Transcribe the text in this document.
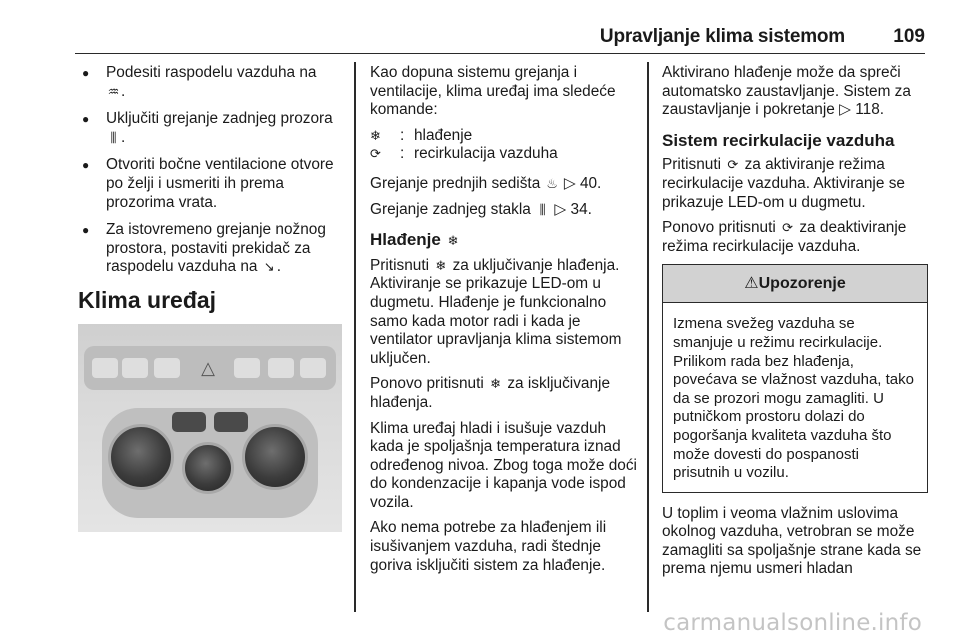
Upravljanje klima sistemom	109
● Podesiti raspodelu vazduha na
♒ .
● Uključiti grejanje zadnjeg prozora
⫼ .
● Otvoriti bočne ventilacione otvore po želji i usmeriti ih prema prozorima vrata.
● Za istovremeno grejanje nožnog prostora, postaviti prekidač za raspodelu vazduha na ↘ .
Klima uređaj
△
Kao dopuna sistemu grejanja i ventilacije, klima uređaj ima sledeće komande:
❄	: hlađenje
⟳	: recirkulacija vazduha
Grejanje prednjih sedišta ♨ ▷ 40.
Grejanje zadnjeg stakla ⫼ ▷ 34.
Hlađenje ❄
Pritisnuti ❄ za uključivanje hlađenja. Aktiviranje se prikazuje LED-om u dugmetu. Hlađenje je funkcionalno samo kada motor radi i kada je ventilator upravljanja klima sistemom uključen.
Ponovo pritisnuti ❄ za isključivanje hlađenja.
Klima uređaj hladi i isušuje vazduh kada je spoljašnja temperatura iznad određenog nivoa. Zbog toga može doći do kondenzacije i kapanja vode ispod vozila.
Ako nema potrebe za hlađenjem ili isušivanjem vazduha, radi štednje goriva isključiti sistem za hlađenje.
Aktivirano hlađenje može da spreči automatsko zaustavljanje. Sistem za zaustavljanje i pokretanje ▷ 118.
Sistem recirkulacije vazduha
Pritisnuti ⟳ za aktiviranje režima recirkulacije vazduha. Aktiviranje se prikazuje LED-om u dugmetu.
Ponovo pritisnuti ⟳ za deaktiviranje režima recirkulacije vazduha.
⚠Upozorenje
Izmena svežeg vazduha se smanjuje u režimu recirkulacije. Prilikom rada bez hlađenja, povećava se vlažnost vazduha, tako da se prozori mogu zamagliti. U putničkom prostoru dolazi do pogoršanja kvaliteta vazduha što može dovesti do pospanosti prisutnih u vozilu.
U toplim i veoma vlažnim uslovima okolnog vazduha, vetrobran se može zamagliti sa spoljašnje strane kada se prema njemu usmeri hladan
carmanualsonline.info
